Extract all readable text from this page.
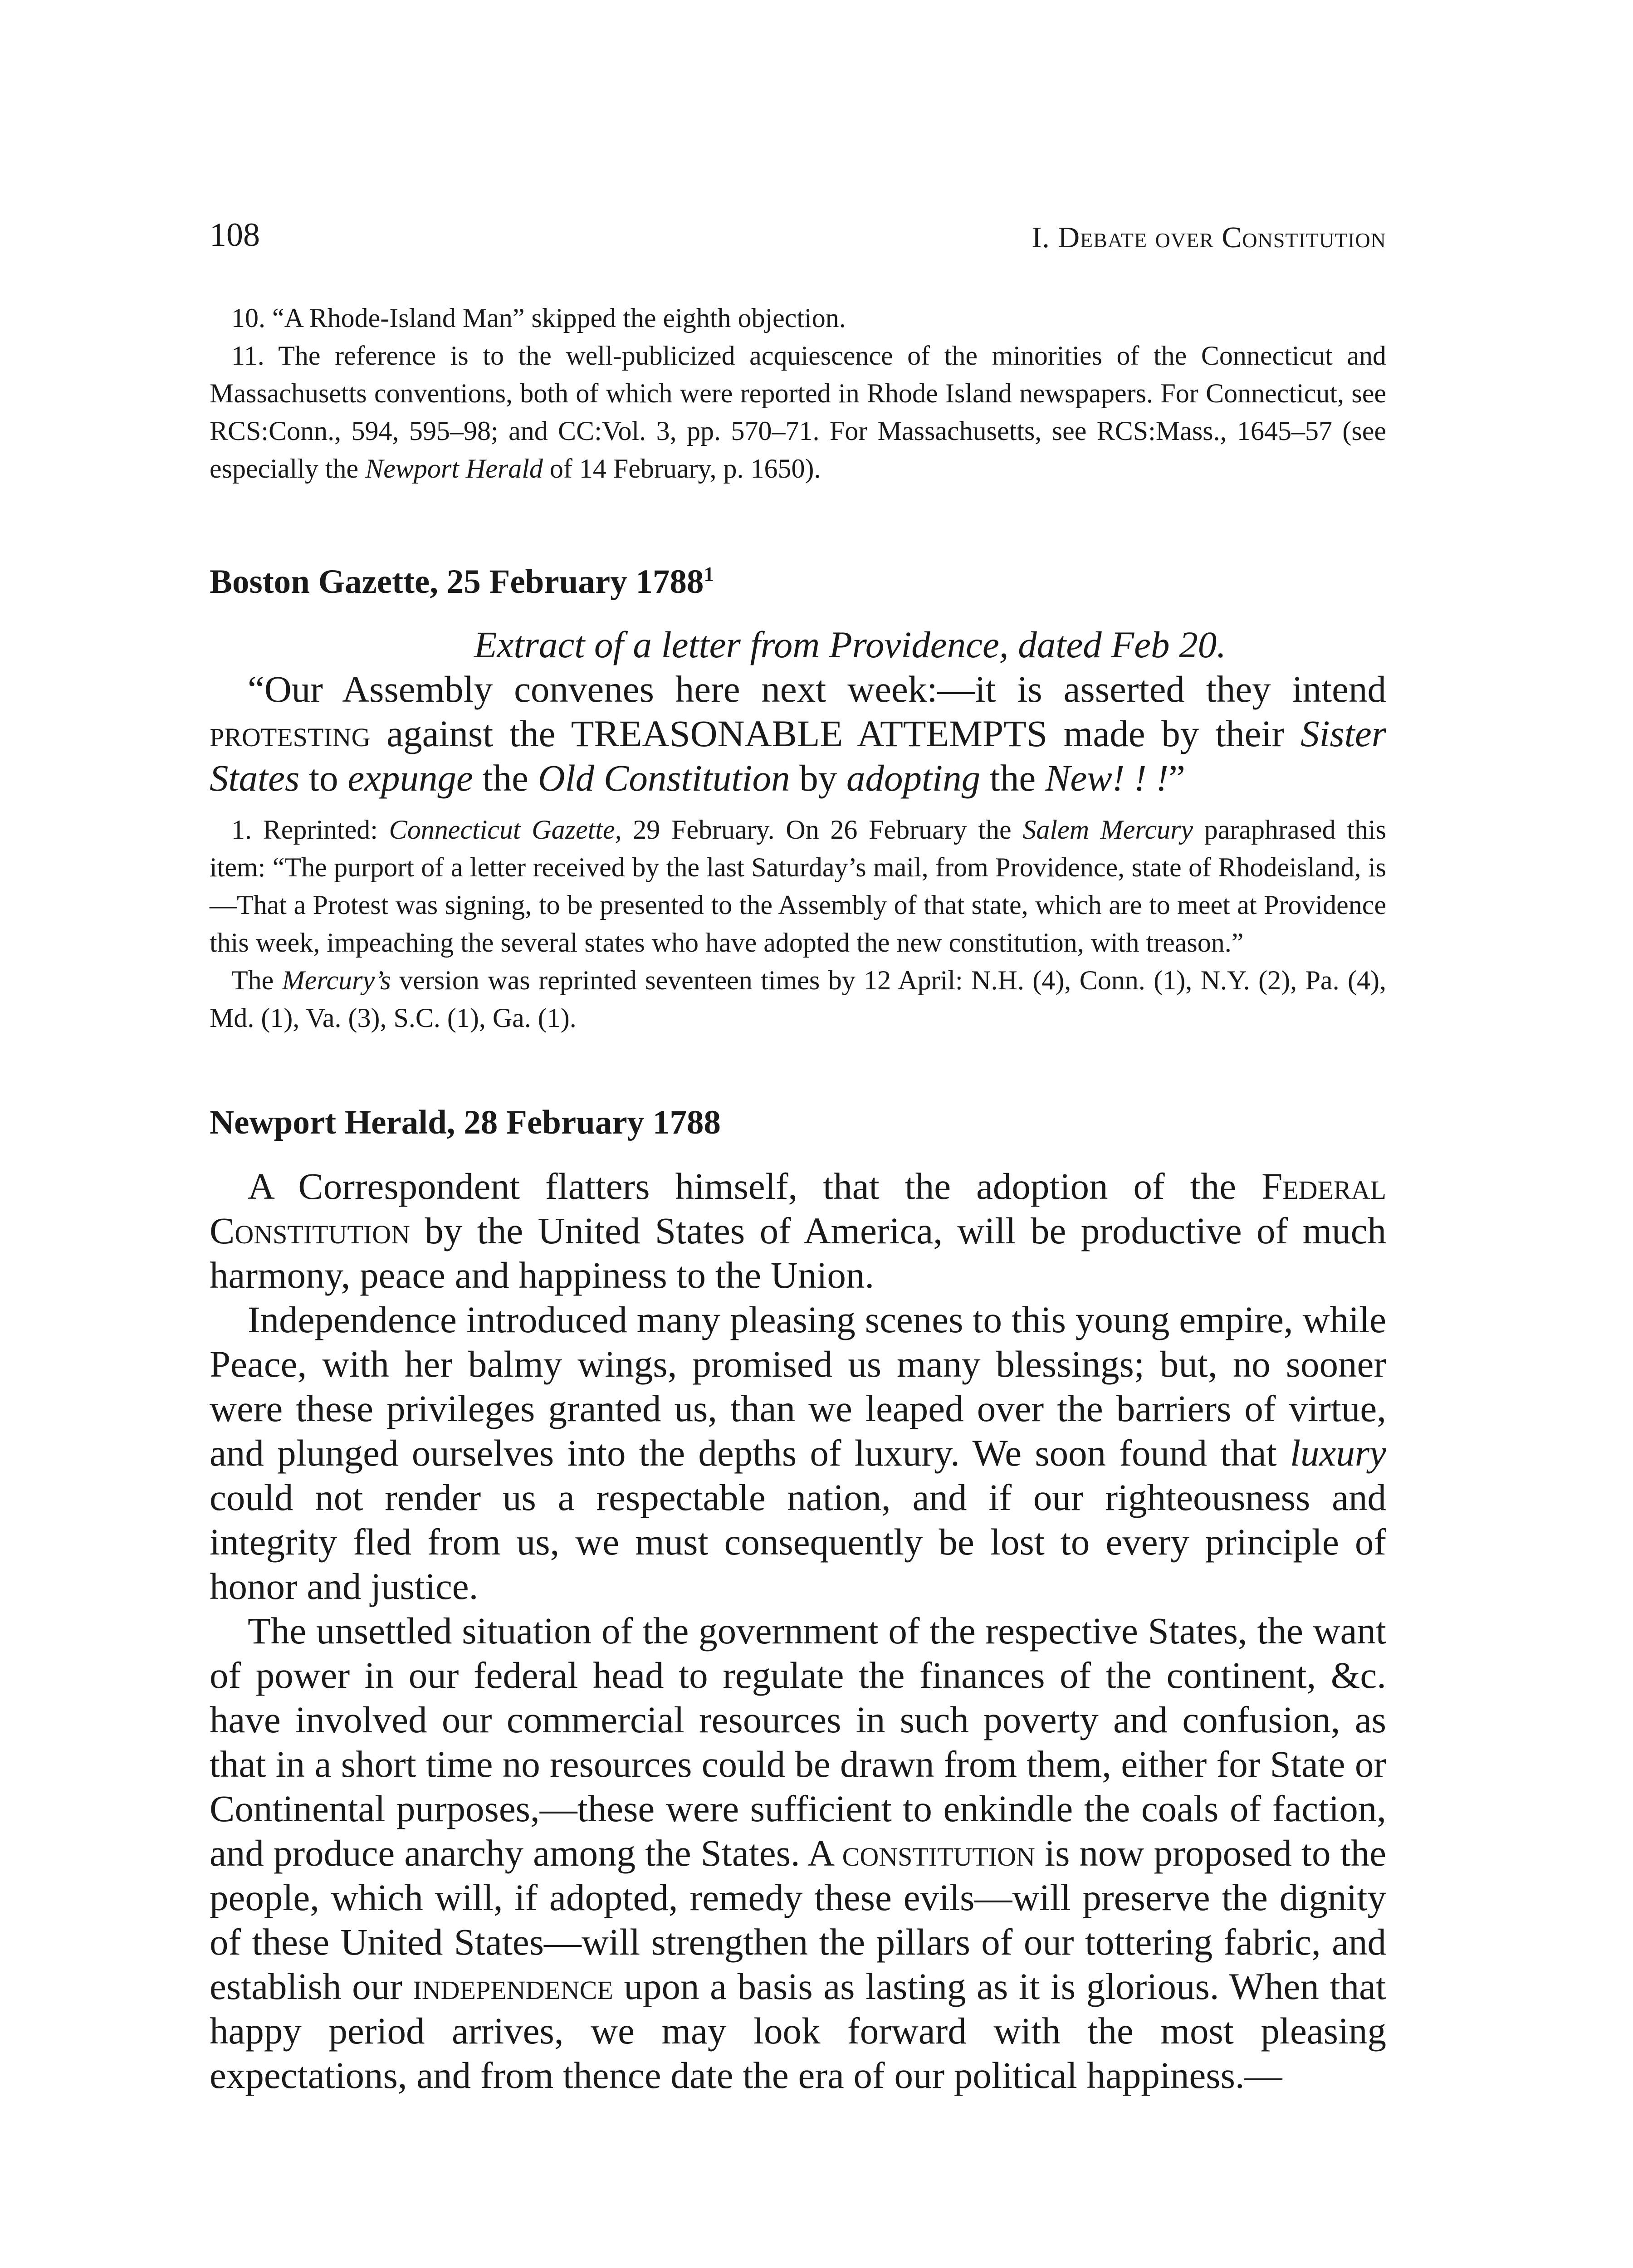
108	I. Debate over Constitution

10. “A Rhode-Island Man” skipped the eighth objection.

11. The reference is to the well-publicized acquiescence of the minorities of the Connecticut and Massachusetts conventions, both of which were reported in Rhode Island newspapers. For Connecticut, see RCS:Conn., 594, 595–98; and CC:Vol. 3, pp. 570–71. For Massachusetts, see RCS:Mass., 1645–57 (see especially the Newport Herald of 14 February, p. 1650).

Boston Gazette, 25 February 1788$^1$

Extract of a letter from Providence, dated Feb 20.

“Our Assembly convenes here next week:—it is asserted they intend protesting against the TREASONABLE ATTEMPTS made by their Sister States to expunge the Old Constitution by adopting the New! ! !”

1. Reprinted: Connecticut Gazette, 29 February. On 26 February the Salem Mercury paraphrased this item: “The purport of a letter received by the last Saturday’s mail, from Providence, state of Rhodeisland, is—That a Protest was signing, to be presented to the Assembly of that state, which are to meet at Providence this week, impeaching the several states who have adopted the new constitution, with treason.”

The Mercury’s version was reprinted seventeen times by 12 April: N.H. (4), Conn. (1), N.Y. (2), Pa. (4), Md. (1), Va. (3), S.C. (1), Ga. (1).

Newport Herald, 28 February 1788

A Correspondent flatters himself, that the adoption of the Federal Constitution by the United States of America, will be productive of much harmony, peace and happiness to the Union.

Independence introduced many pleasing scenes to this young empire, while Peace, with her balmy wings, promised us many blessings; but, no sooner were these privileges granted us, than we leaped over the barriers of virtue, and plunged ourselves into the depths of luxury. We soon found that luxury could not render us a respectable nation, and if our righteousness and integrity fled from us, we must consequently be lost to every principle of honor and justice.

The unsettled situation of the government of the respective States, the want of power in our federal head to regulate the finances of the continent, &c. have involved our commercial resources in such poverty and confusion, as that in a short time no resources could be drawn from them, either for State or Continental purposes,—these were sufficient to enkindle the coals of faction, and produce anarchy among the States. A constitution is now proposed to the people, which will, if adopted, remedy these evils—will preserve the dignity of these United States—will strengthen the pillars of our tottering fabric, and establish our independence upon a basis as lasting as it is glorious. When that happy period arrives, we may look forward with the most pleasing expectations, and from thence date the era of our political happiness.—
